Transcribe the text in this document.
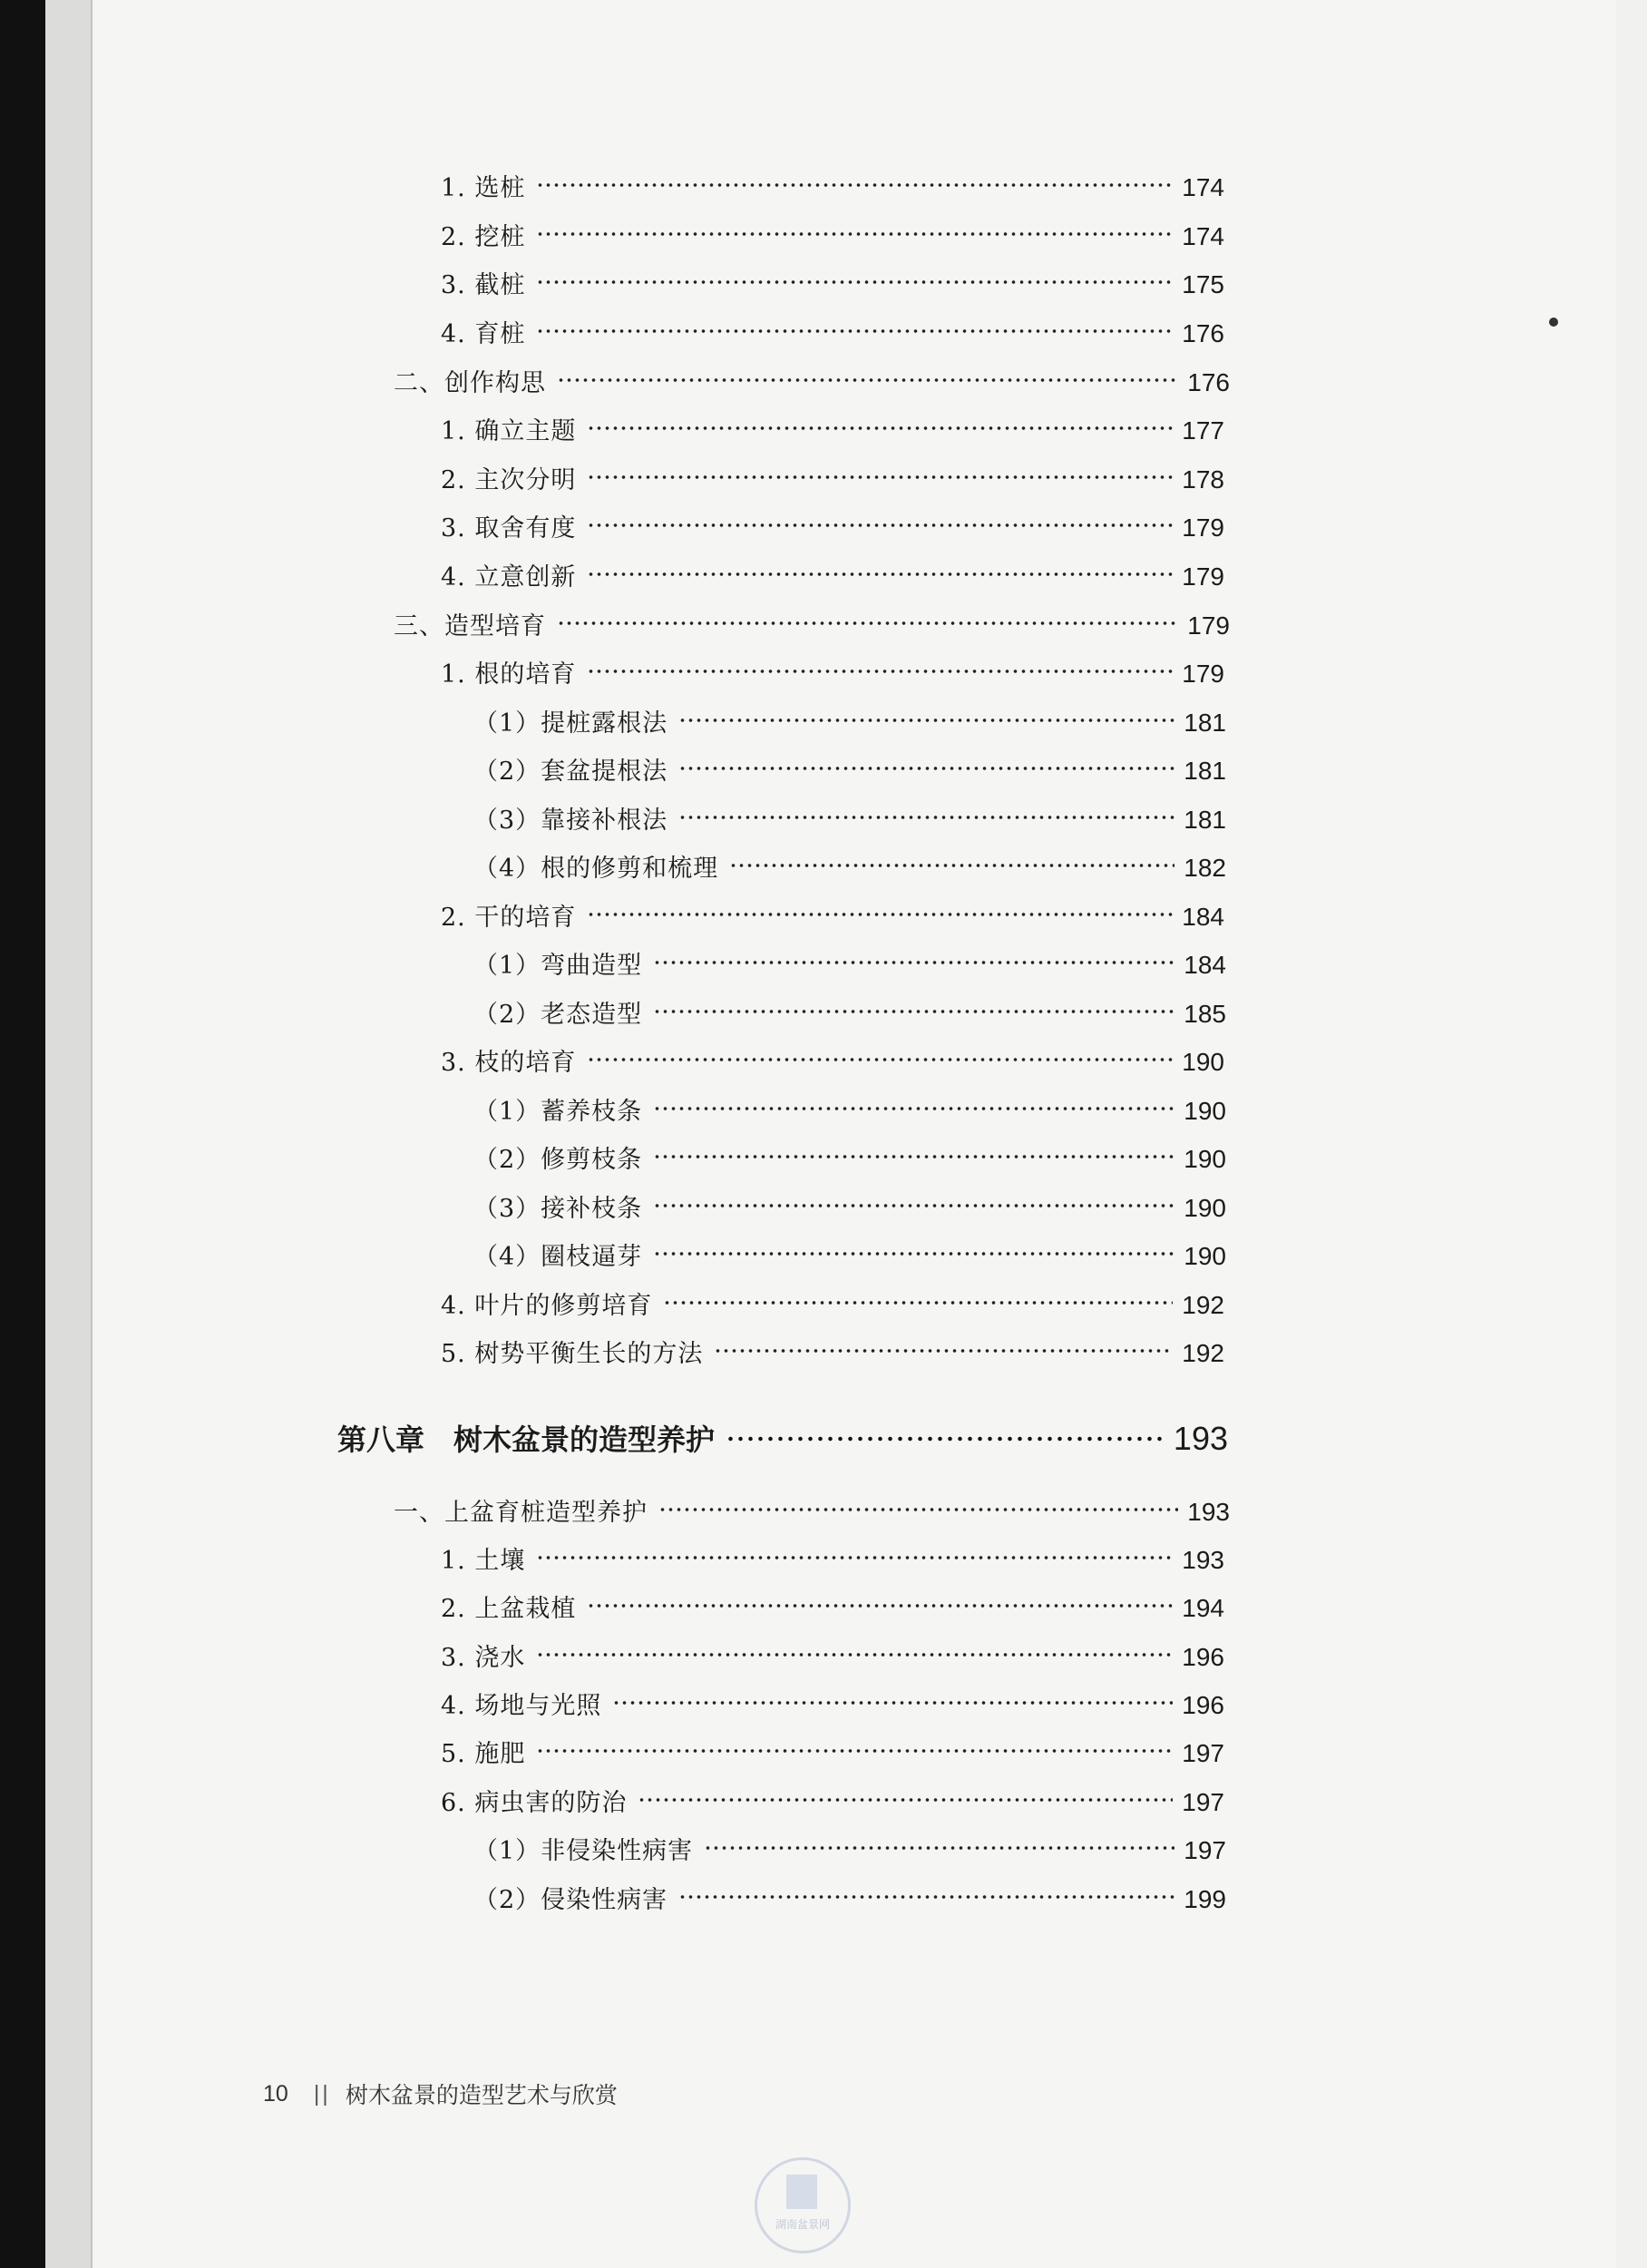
1. 选桩	174
2. 挖桩	174
3. 截桩	175
4. 育桩	176
二、创作构思	176
1. 确立主题	177
2. 主次分明	178
3. 取舍有度	179
4. 立意创新	179
三、造型培育	179
1. 根的培育	179
（1）提桩露根法	181
（2）套盆提根法	181
（3）靠接补根法	181
（4）根的修剪和梳理	182
2. 干的培育	184
（1）弯曲造型	184
（2）老态造型	185
3. 枝的培育	190
（1）蓄养枝条	190
（2）修剪枝条	190
（3）接补枝条	190
（4）圈枝逼芽	190
4. 叶片的修剪培育	192
5. 树势平衡生长的方法	192
第八章　树木盆景的造型养护	193
一、上盆育桩造型养护	193
1. 土壤	193
2. 上盆栽植	194
3. 浇水	196
4. 场地与光照	196
5. 施肥	197
6. 病虫害的防治	197
（1）非侵染性病害	197
（2）侵染性病害	199
10 || 树木盆景的造型艺术与欣赏
湖南盆景网
